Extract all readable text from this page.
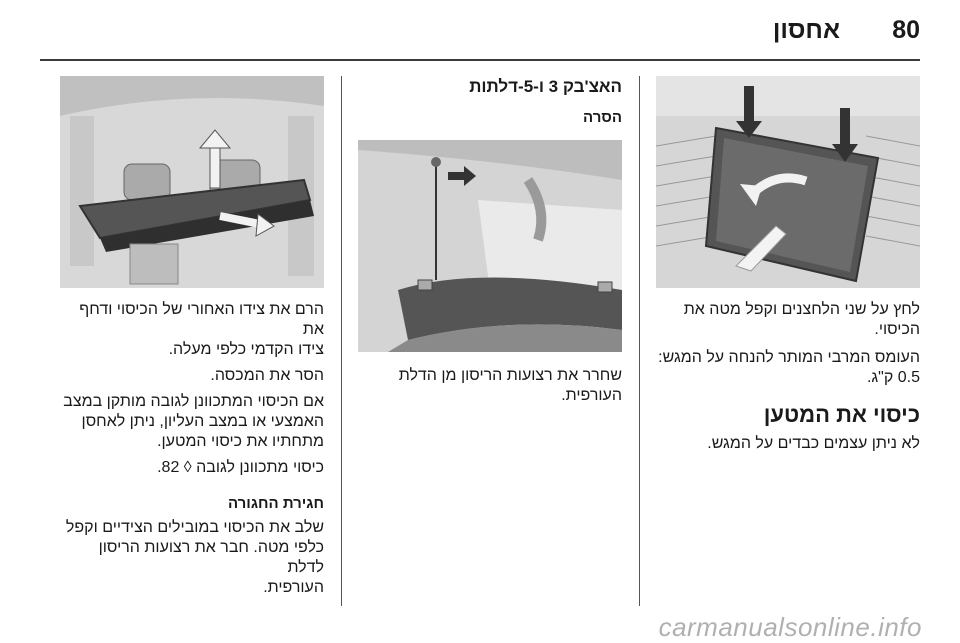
80
אחסון

לחץ על שני הלחצנים וקפל מטה את

הכיסוי.

העומס המרבי המותר להנחה על המגש:

0.5 ק"ג.

כיסוי את המטען

לא ניתן עצמים כבדים על המגש.

האצ'בק 3 ו-5-דלתות
הסרה

שחרר את רצועות הריסון מן הדלת

העורפית.

הרם את צידו האחורי של הכיסוי ודחף את

צידו הקדמי כלפי מעלה.

הסר את המכסה.

אם הכיסוי המתכוונן לגובה מותקן במצב

האמצעי או במצב העליון, ניתן לאחסן

מתחתיו את כיסוי המטען.

כיסוי מתכוונן לגובה ◊ 82.

חגירת החגורה

שלב את הכיסוי במובילים הצידיים וקפל

כלפי מטה. חבר את רצועות הריסון לדלת

העורפית.

carmanualsonline.info
